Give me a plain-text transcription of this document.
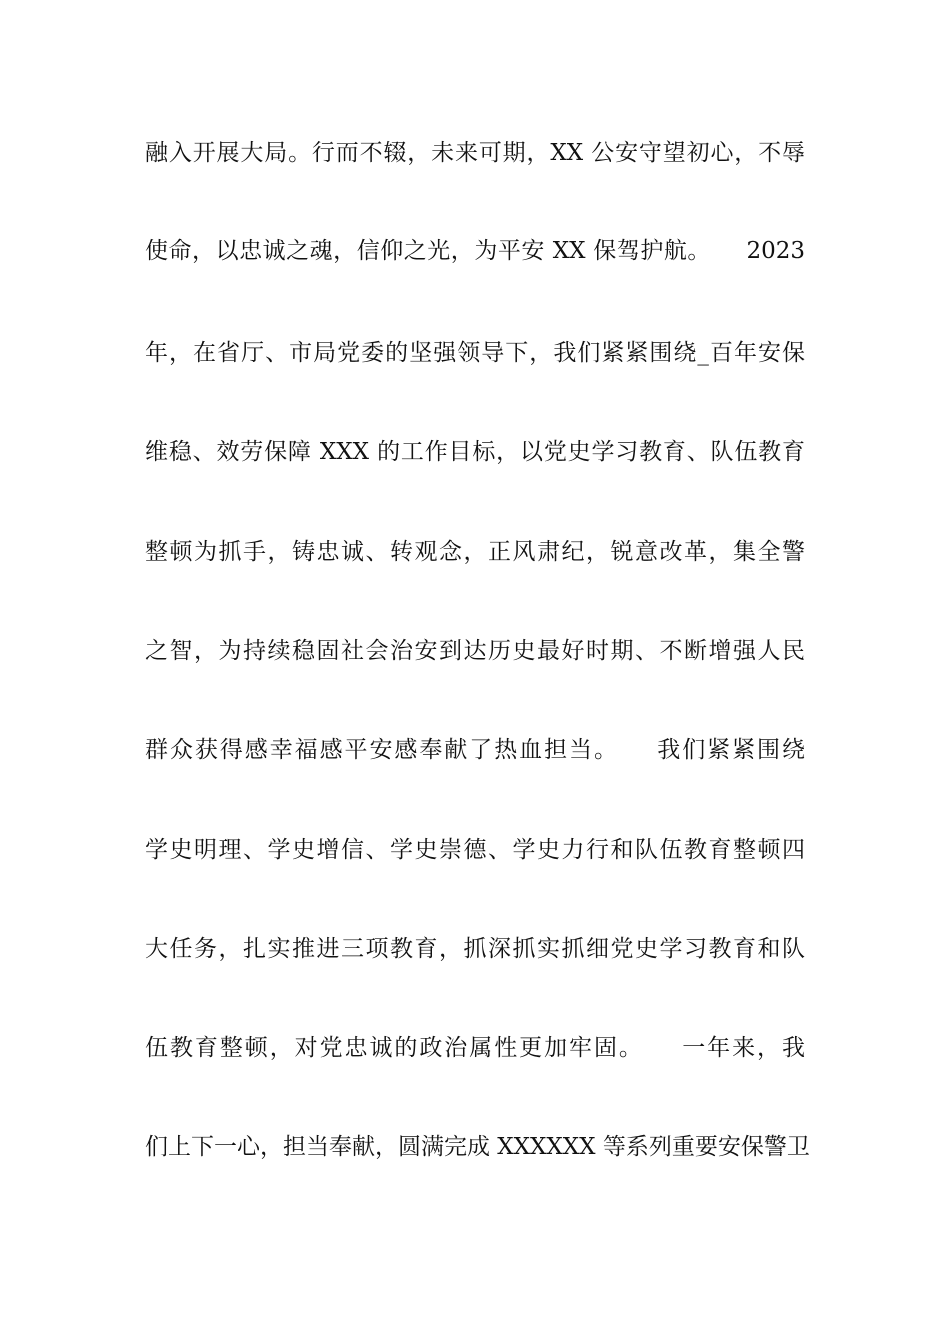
融入开展大局。行而不辍，未来可期，XX 公安守望初心，不辱
使命，以忠诚之魂，信仰之光，为平安 XX 保驾护航。　　2023
年，在省厅、市局党委的坚强领导下，我们紧紧围绕_百年安保
维稳、效劳保障 XXX 的工作目标，以党史学习教育、队伍教育
整顿为抓手，铸忠诚、转观念，正风肃纪，锐意改革，集全警
之智，为持续稳固社会治安到达历史最好时期、不断增强人民
群众获得感幸福感平安感奉献了热血担当。　　我们紧紧围绕
学史明理、学史增信、学史崇德、学史力行和队伍教育整顿四
大任务，扎实推进三项教育，抓深抓实抓细党史学习教育和队
伍教育整顿，对党忠诚的政治属性更加牢固。　　一年来，我
们上下一心，担当奉献，圆满完成 XXXXXX 等系列重要安保警卫
